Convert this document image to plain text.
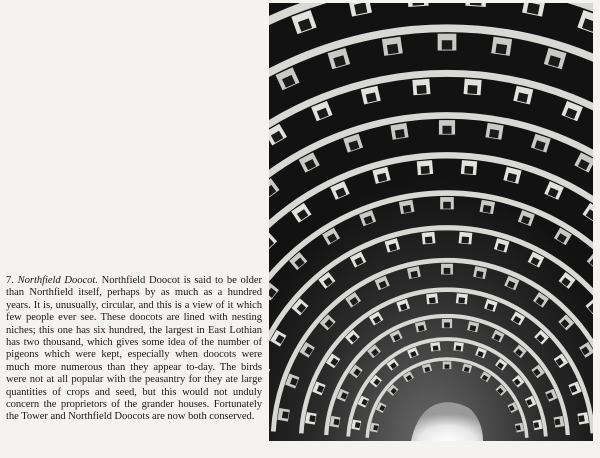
7. Northfield Doocot. Northfield Doocot is said to be older than Northfield itself, perhaps by as much as a hundred years. It is, unusually, circular, and this is a view of it which few people ever see. These doocots are lined with nesting niches; this one has six hundred, the largest in East Lothian has two thousand, which gives some idea of the number of pigeons which were kept, especially when doocots were much more numerous than they appear to-day. The birds were not at all popular with the peasantry for they ate large quantities of crops and seed, but this would not unduly concern the proprietors of the grander houses. Fortunately the Tower and Northfield Doocots are now both conserved.
